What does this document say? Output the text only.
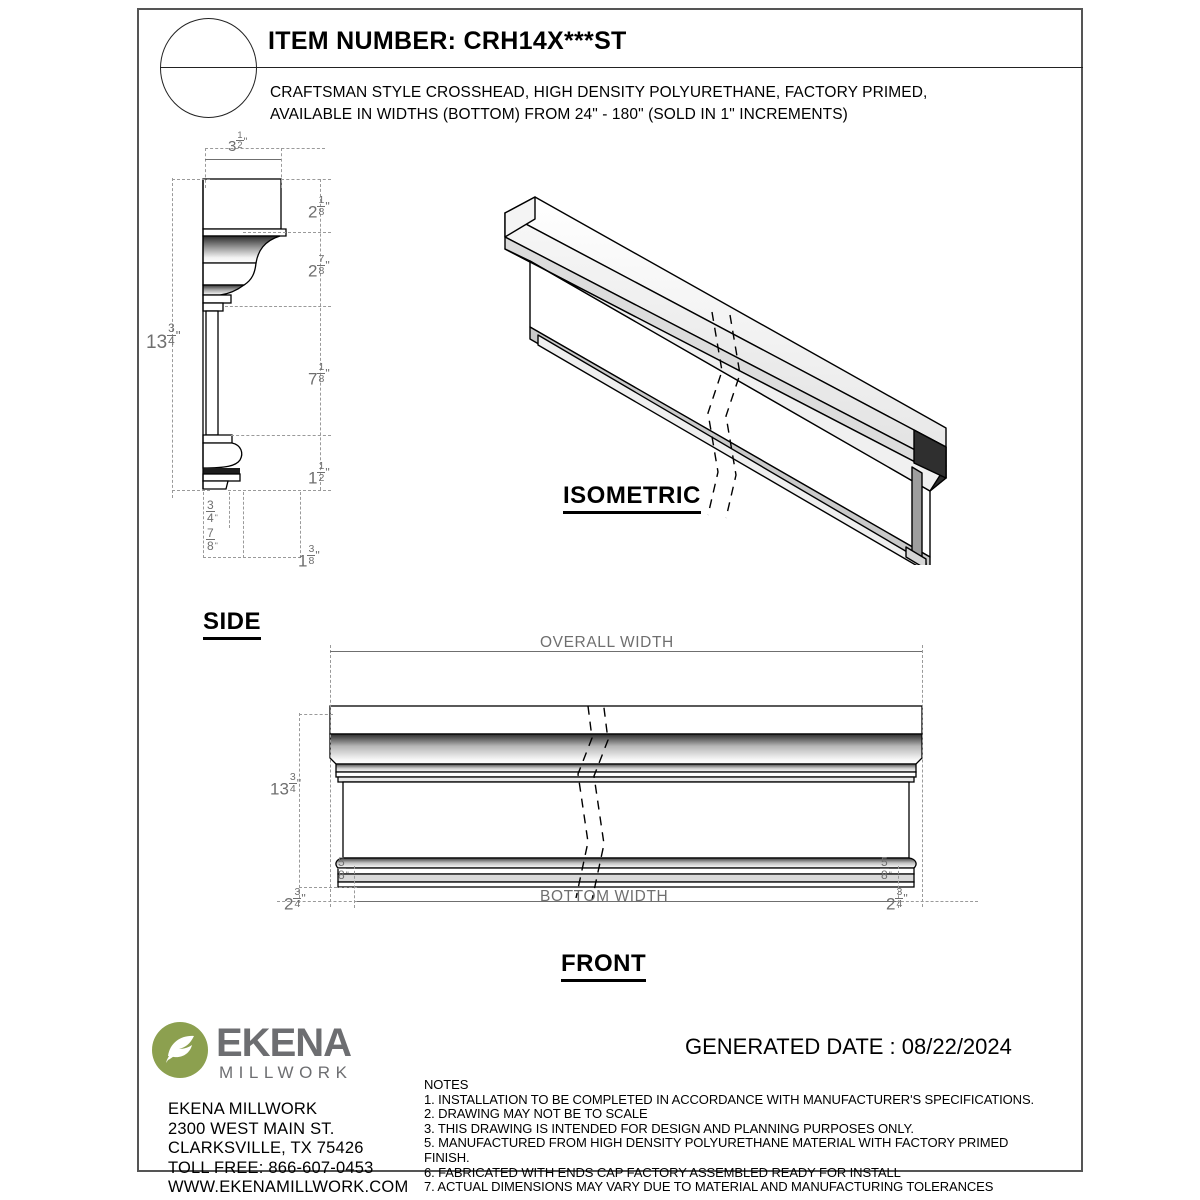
ITEM NUMBER: CRH14X***ST
CRAFTSMAN STYLE CROSSHEAD, HIGH DENSITY POLYURETHANE, FACTORY PRIMED,
AVAILABLE IN WIDTHS (BOTTOM) FROM 24" - 180" (SOLD IN 1" INCREMENTS)
$3 \frac{1}{2} ^"$
$13 \frac{3}{4} ^"$
$2 \frac{1}{8} ^"$
$2 \frac{7}{8} ^"$
$7 \frac{1}{8} ^"$
$1 \frac{1}{2} ^"$
$\frac{3}{4} ^"$
$\frac{7}{8} ^"$
$1 \frac{3}{8} ^"$
SIDE
ISOMETRIC
OVERALL WIDTH
BOTTOM WIDTH
$13 \frac{3}{4} ^"$
$\frac{5}{8} ^"$	$\frac{5}{8} ^"$
$2 \frac{3}{4} ^"$	$2 \frac{3}{4} ^"$
FRONT
EKENA
MILLWORK
EKENA MILLWORK
2300 WEST MAIN ST.
CLARKSVILLE, TX 75426
TOLL FREE: 866-607-0453
WWW.EKENAMILLWORK.COM
GENERATED DATE : 08/22/2024
NOTES
1. INSTALLATION TO BE COMPLETED IN ACCORDANCE WITH MANUFACTURER'S SPECIFICATIONS.
2. DRAWING MAY NOT BE TO SCALE
3. THIS DRAWING IS INTENDED FOR DESIGN AND PLANNING PURPOSES ONLY.
5. MANUFACTURED FROM HIGH DENSITY POLYURETHANE MATERIAL WITH FACTORY PRIMED FINISH.
6. FABRICATED WITH ENDS CAP FACTORY ASSEMBLED READY FOR INSTALL
7. ACTUAL DIMENSIONS MAY VARY DUE TO MATERIAL AND MANUFACTURING TOLERANCES
